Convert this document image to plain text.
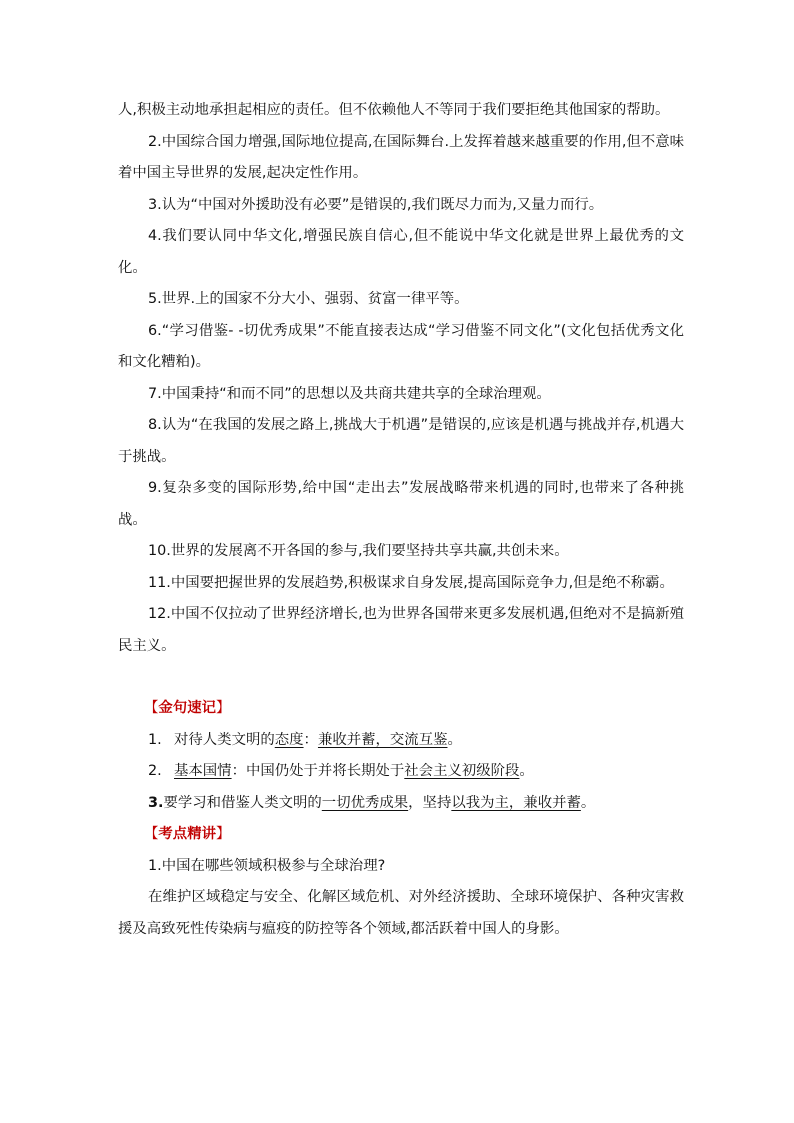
人,积极主动地承担起相应的责任。但不依赖他人不等同于我们要拒绝其他国家的帮助。

2.中国综合国力增强,国际地位提高,在国际舞台.上发挥着越来越重要的作用,但不意味着中国主导世界的发展,起决定性作用。

3.认为“中国对外援助没有必要”是错误的,我们既尽力而为,又量力而行。

4.我们要认同中华文化,增强民族自信心,但不能说中华文化就是世界上最优秀的文化。

5.世界.上的国家不分大小、强弱、贫富一律平等。

6.“学习借鉴- -切优秀成果”不能直接表达成“学习借鉴不同文化”(文化包括优秀文化和文化糟粕)。

7.中国秉持“和而不同”的思想以及共商共建共享的全球治理观。

8.认为“在我国的发展之路上,挑战大于机遇”是错误的,应该是机遇与挑战并存,机遇大于挑战。

9.复杂多变的国际形势,给中国“走出去”发展战略带来机遇的同时,也带来了各种挑战。

10.世界的发展离不开各国的参与,我们要坚持共享共赢,共创未来。

11.中国要把握世界的发展趋势,积极谋求自身发展,提高国际竞争力,但是绝不称霸。

12.中国不仅拉动了世界经济增长,也为世界各国带来更多发展机遇,但绝对不是搞新殖民主义。

【金句速记】

1. 对待人类文明的态度：兼收并蓄，交流互鉴。

2. 基本国情：中国仍处于并将长期处于社会主义初级阶段。

3.要学习和借鉴人类文明的一切优秀成果，坚持以我为主，兼收并蓄。

【考点精讲】

1.中国在哪些领域积极参与全球治理?

在维护区域稳定与安全、化解区域危机、对外经济援助、全球环境保护、各种灾害救援及高致死性传染病与瘟疫的防控等各个领域,都活跃着中国人的身影。
